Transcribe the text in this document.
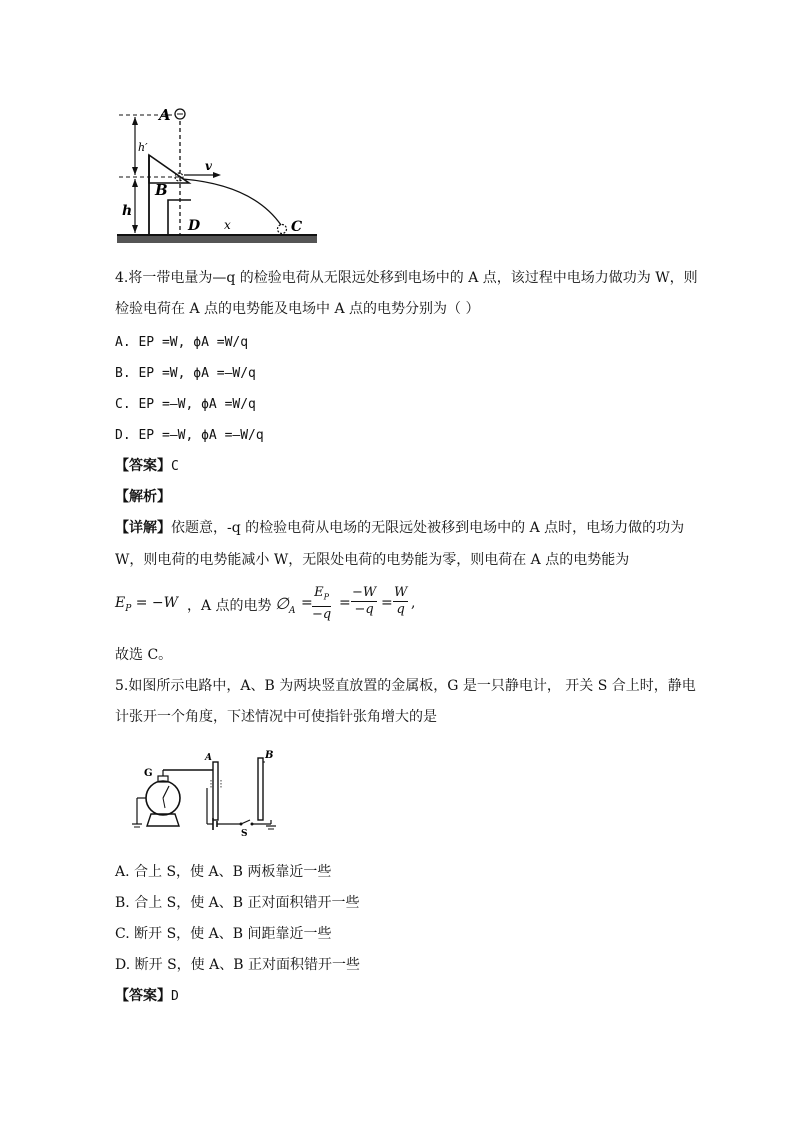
A
h′
v
B
h
D x	C
4.将一带电量为—q 的检验电荷从无限远处移到电场中的 A 点，该过程中电场力做功为 W，则
检验电荷在 A 点的电势能及电场中 A 点的电势分别为（ ）
A. EP =W, ϕA =W/q
B. EP =W, ϕA =—W/q
C. EP =—W, ϕA =W/q
D. EP =—W, ϕA =—W/q
【答案】C
【解析】
【详解】依题意，-q 的检验电荷从电场的无限远处被移到电场中的 A 点时，电场力做的功为
W，则电荷的电势能减小 W，无限处电荷的电势能为零，则电荷在 A 点的电势能为
$E_P = -W$ ，A 点的电势 $\emptyset_A$
= $\frac{E_P}{-q} = \frac{-W}{-q} = \frac{W}{q}$ ,
故选 C。
5.如图所示电路中，A、B 为两块竖直放置的金属板，G 是一只静电计， 开关 S 合上时，静电
计张开一个角度，下述情况中可使指针张角增大的是
G
A	B
S
A. 合上 S，使 A、B 两板靠近一些
B. 合上 S，使 A、B 正对面积错开一些
C. 断开 S，使 A、B 间距靠近一些
D. 断开 S，使 A、B 正对面积错开一些
【答案】D
